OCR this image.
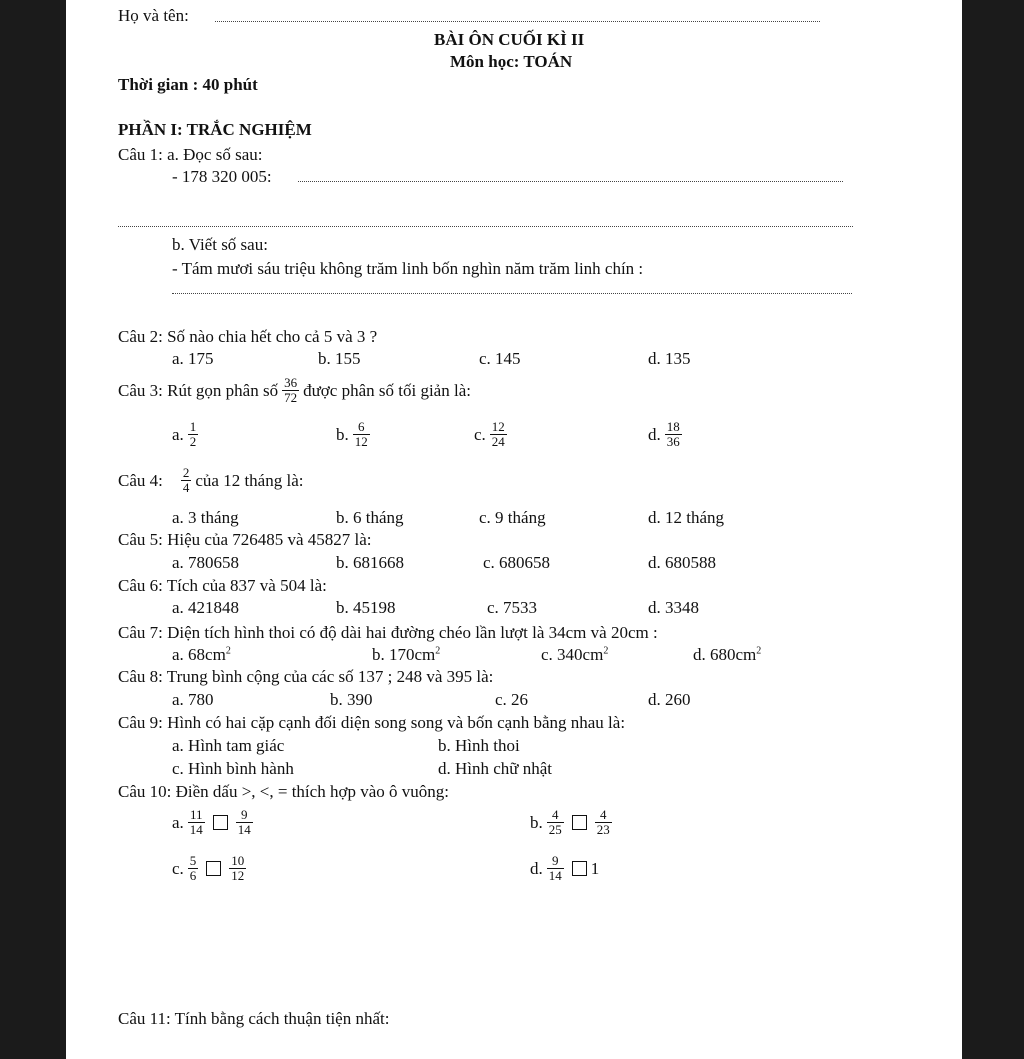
Họ và tên:
BÀI ÔN CUỐI KÌ II
Môn học: TOÁN
Thời gian : 40 phút
PHẦN I: TRẮC NGHIỆM
Câu 1: a. Đọc số sau:
- 178 320 005:
b. Viết số sau:
- Tám mươi sáu triệu không trăm linh bốn nghìn năm trăm linh chín :
Câu 2: Số nào chia hết cho cả 5 và 3 ?
a. 175	b. 155	c. 145	d. 135
Câu 3: Rút gọn phân số $\frac{36}{72}$ được phân số tối giản là:
a. $\frac{1}{2}$	b. $\frac{6}{12}$	c. $\frac{12}{24}$	d. $\frac{18}{36}$
Câu 4: $\frac{2}{4}$ của 12 tháng là:
a. 3 tháng	b. 6 tháng	c. 9 tháng	d. 12 tháng
Câu 5: Hiệu của 726485 và 45827 là:
a. 780658	b. 681668	c. 680658	d. 680588
Câu 6: Tích của 837 và 504 là:
a. 421848	b. 45198	c. 7533	d. 3348
Câu 7: Diện tích hình thoi có độ dài hai đường chéo lần lượt là 34cm và 20cm :
a. $68cm^2$	b. $170cm^2$	c. $340cm^2$	d. $680cm^2$
Câu 8: Trung bình cộng của các số 137 ; 248 và 395 là:
a. 780	b. 390	c. 26	d. 260
Câu 9: Hình có hai cặp cạnh đối diện song song và bốn cạnh bằng nhau là:
a. Hình tam giác	b. Hình thoi
c. Hình bình hành	d. Hình chữ nhật
Câu 10: Điền dấu >, <, = thích hợp vào ô vuông:
a. $\frac{11}{14} \frac{9}{14}$	b. $\frac{4}{25} \frac{4}{23}$
c. $\frac{5}{6} \frac{10}{12}$	d. $\frac{9}{14} 1$
Câu 11: Tính bằng cách thuận tiện nhất:
